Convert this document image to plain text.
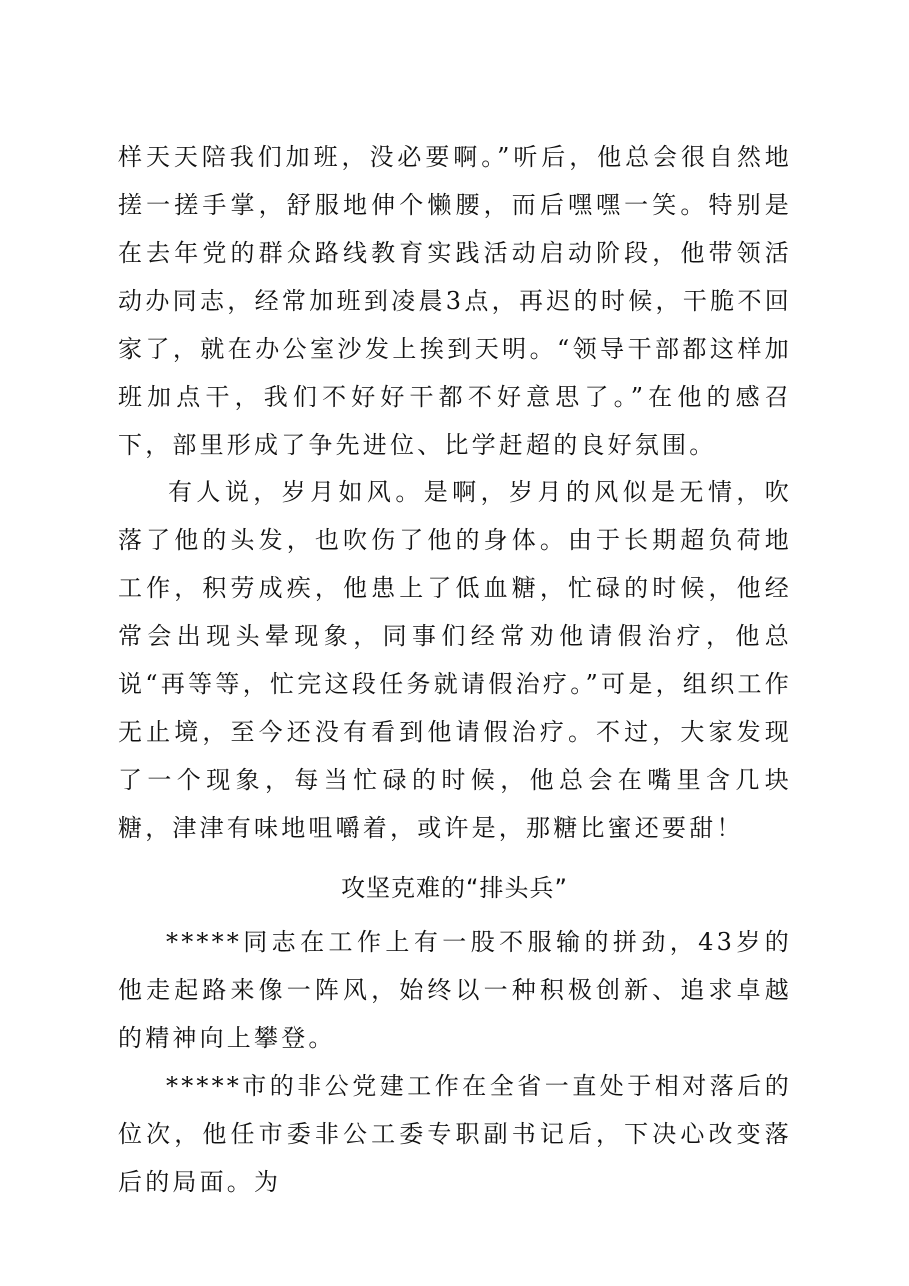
样天天陪我们加班，没必要啊。”听后，他总会很自然地搓一搓手掌，舒服地伸个懒腰，而后嘿嘿一笑。特别是在去年党的群众路线教育实践活动启动阶段，他带领活动办同志，经常加班到凌晨3点，再迟的时候，干脆不回家了，就在办公室沙发上挨到天明。“领导干部都这样加班加点干，我们不好好干都不好意思了。”在他的感召下，部里形成了争先进位、比学赶超的良好氛围。
有人说，岁月如风。是啊，岁月的风似是无情，吹落了他的头发，也吹伤了他的身体。由于长期超负荷地工作，积劳成疾，他患上了低血糖，忙碌的时候，他经常会出现头晕现象，同事们经常劝他请假治疗，他总说“再等等，忙完这段任务就请假治疗。”可是，组织工作无止境，至今还没有看到他请假治疗。不过，大家发现了一个现象，每当忙碌的时候，他总会在嘴里含几块糖，津津有味地咀嚼着，或许是，那糖比蜜还要甜！
攻坚克难的“排头兵”
*****同志在工作上有一股不服输的拼劲，43岁的他走起路来像一阵风，始终以一种积极创新、追求卓越的精神向上攀登。
*****市的非公党建工作在全省一直处于相对落后的位次，他任市委非公工委专职副书记后，下决心改变落后的局面。为
